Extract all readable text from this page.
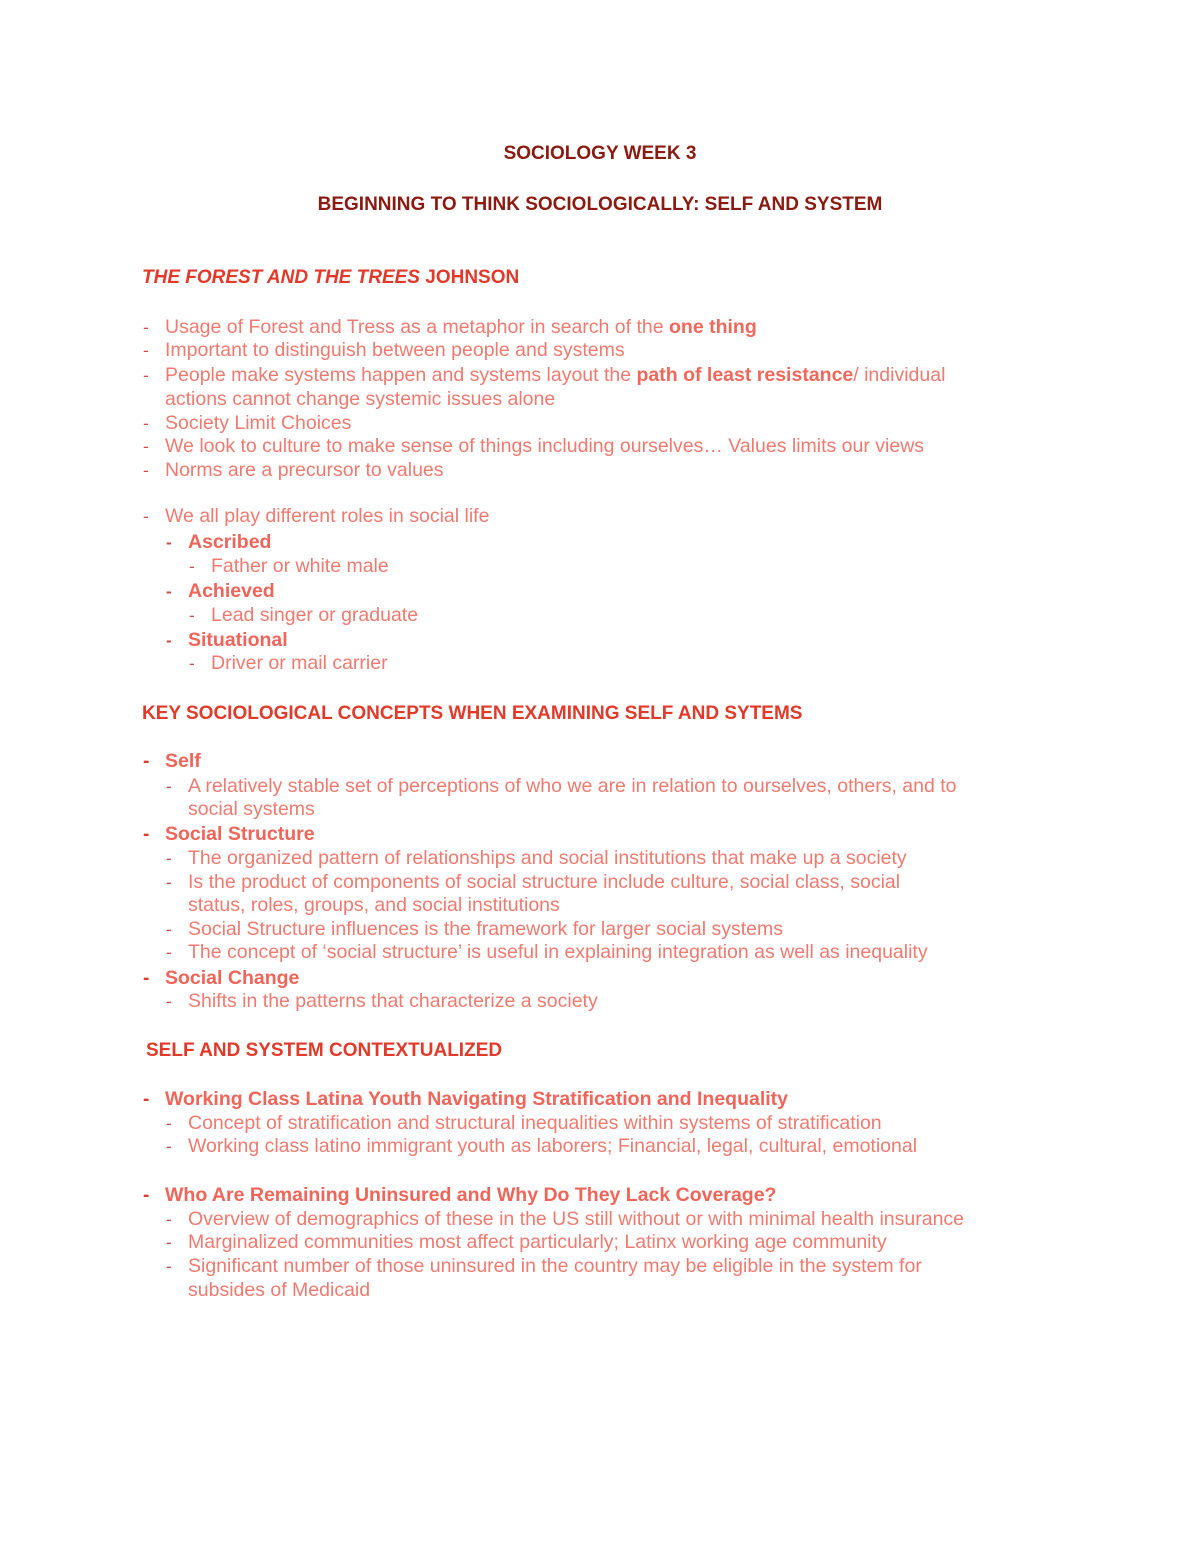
SOCIOLOGY WEEK 3
BEGINNING TO THINK SOCIOLOGICALLY: SELF AND SYSTEM
THE FOREST AND THE TREES JOHNSON
- Usage of Forest and Tress as a metaphor in search of the one thing
- Important to distinguish between people and systems
- People make systems happen and systems layout the path of least resistance/ individual
actions cannot change systemic issues alone
- Society Limit Choices
- We look to culture to make sense of things including ourselves… Values limits our views
- Norms are a precursor to values
- We all play different roles in social life
- Ascribed
- Father or white male
- Achieved
- Lead singer or graduate
- Situational
- Driver or mail carrier
KEY SOCIOLOGICAL CONCEPTS WHEN EXAMINING SELF AND SYTEMS
- Self
- A relatively stable set of perceptions of who we are in relation to ourselves, others, and to
social systems
- Social Structure
- The organized pattern of relationships and social institutions that make up a society
- Is the product of components of social structure include culture, social class, social
status, roles, groups, and social institutions
- Social Structure influences is the framework for larger social systems
- The concept of ‘social structure’ is useful in explaining integration as well as inequality
- Social Change
- Shifts in the patterns that characterize a society
SELF AND SYSTEM CONTEXTUALIZED
- Working Class Latina Youth Navigating Stratification and Inequality
- Concept of stratification and structural inequalities within systems of stratification
- Working class latino immigrant youth as laborers; Financial, legal, cultural, emotional
- Who Are Remaining Uninsured and Why Do They Lack Coverage?
- Overview of demographics of these in the US still without or with minimal health insurance
- Marginalized communities most affect particularly; Latinx working age community
- Significant number of those uninsured in the country may be eligible in the system for
subsides of Medicaid
